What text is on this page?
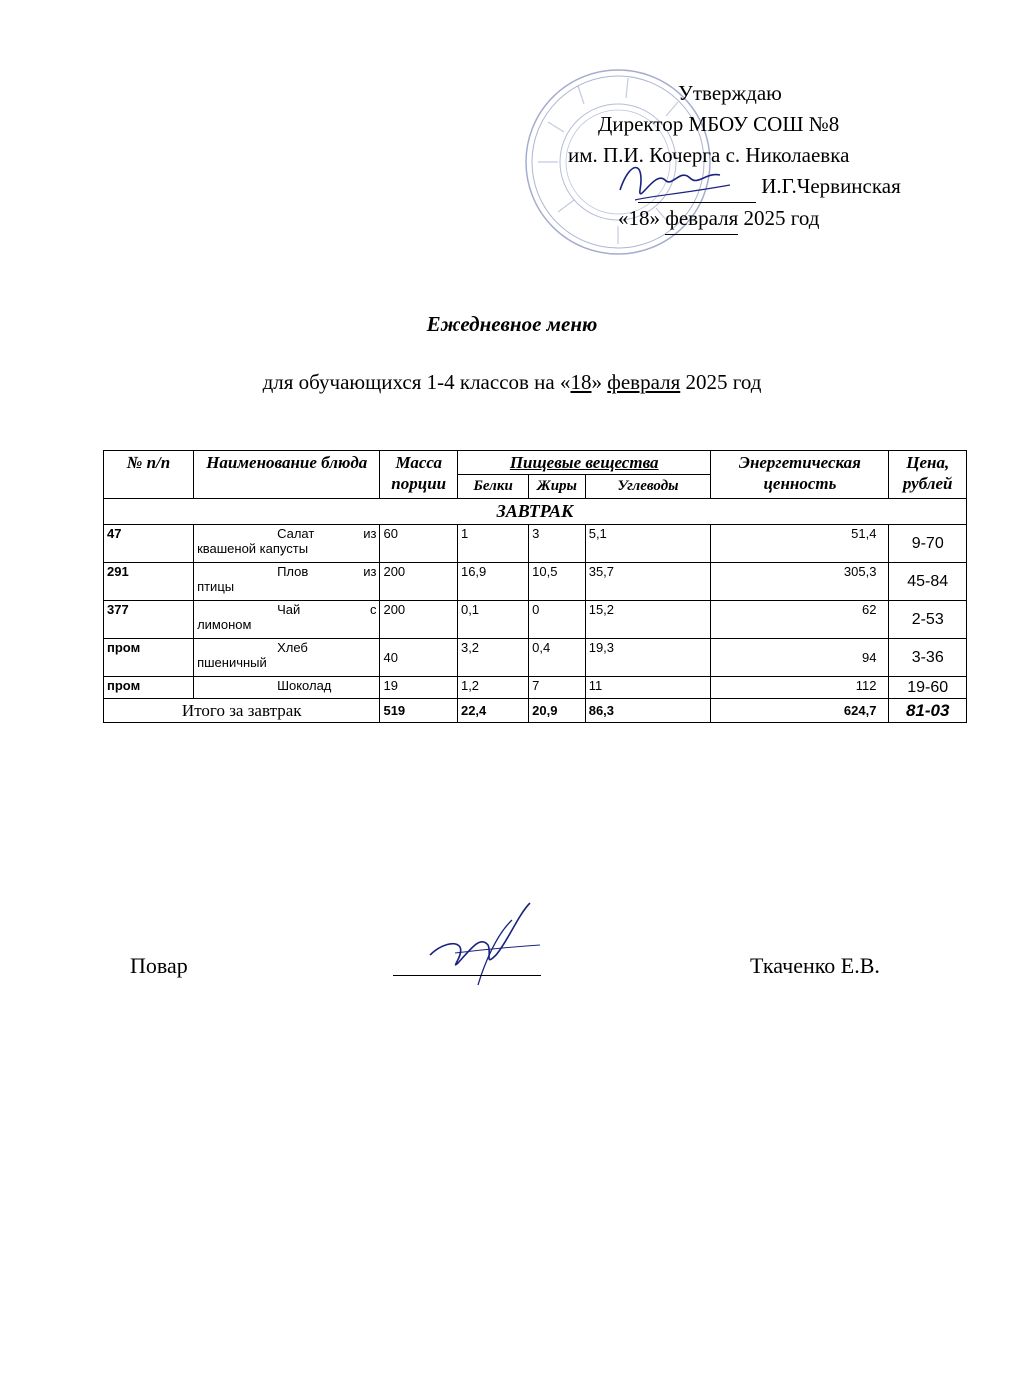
Утверждаю
Директор МБОУ СОШ №8
им. П.И. Кочерга с. Николаевка
И.Г.Червинская
«18» февраля 2025 год
Ежедневное меню
для обучающихся 1-4 классов на «18» февраля 2025 год
№ п/п	Наименование блюда	Масса порции	Пищевые вещества			Энергетическая ценность	Цена, рублей
			Белки	Жиры	Углеводы		
ЗАВТРАК							
47	Салат из
квашеной капусты	60	1	3	5,1	51,4	9-70
291	Плов из
птицы	200	16,9	10,5	35,7	305,3	45-84
377	Чай с
лимоном	200	0,1	0	15,2	62	2-53
пром	Хлеб
пшеничный	40	3,2	0,4	19,3	94	3-36
пром	Шоколад	19	1,2	7	11	112	19-60
Итого за завтрак		519	22,4	20,9	86,3	624,7	81-03
Повар	Ткаченко Е.В.
